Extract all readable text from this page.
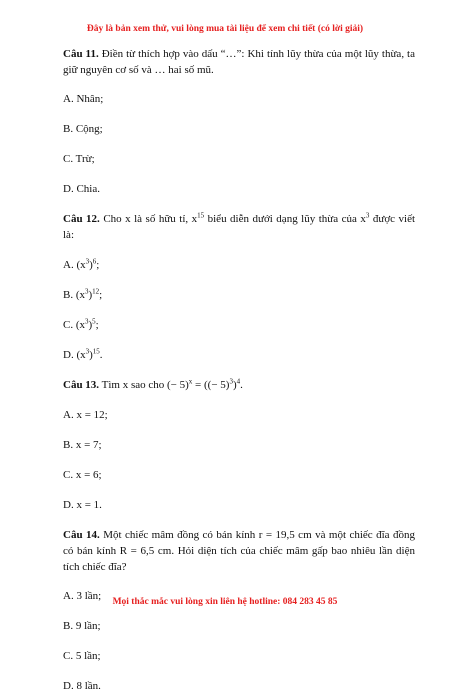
Đây là bản xem thử, vui lòng mua tài liệu để xem chi tiết (có lời giải)

Câu 11. Điền từ thích hợp vào dấu “…”: Khi tính lũy thừa của một lũy thừa, ta giữ nguyên cơ số và … hai số mũ.

A. Nhân;

B. Cộng;

C. Trừ;

D. Chia.

Câu 12. Cho x là số hữu tỉ, $x^{15}$ biểu diễn dưới dạng lũy thừa của $x^3$ được viết là:

A. $(x^3)^6$;

B. $(x^3)^{12}$;

C. $(x^3)^5$;

D. $(x^3)^{15}$.

Câu 13. Tìm x sao cho (− 5)$^x$ = ((− 5)$^3$)$^4$.

A. x = 12;

B. x = 7;

C. x = 6;

D. x = 1.

Câu 14. Một chiếc mâm đồng có bán kính r = 19,5 cm và một chiếc đĩa đồng có bán kính R = 6,5 cm. Hỏi diện tích của chiếc mâm gấp bao nhiêu lần diện tích chiếc đĩa?

A. 3 lần;

B. 9 lần;

C. 5 lần;

D. 8 lần.

Mọi thắc mắc vui lòng xin liên hệ hotline: 084 283 45 85
